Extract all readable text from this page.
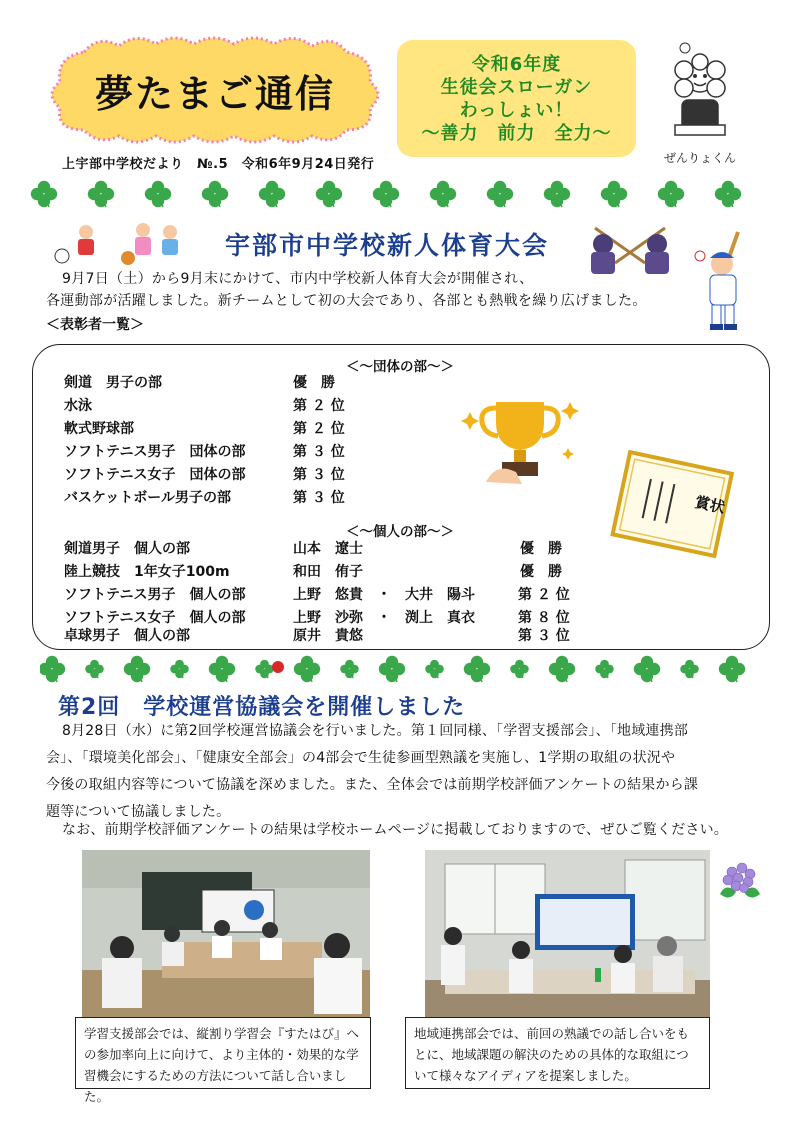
夢たまご通信
令和6年度
生徒会スローガン
わっしょい！
〜善力　前力　全力〜
ぜんりょくん
上宇部中学校だより　№.5　令和6年9月24日発行
宇部市中学校新人体育大会
9月7日（土）から9月末にかけて、市内中学校新人体育大会が開催され、
各運動部が活躍しました。新チームとして初の大会であり、各部とも熱戦を繰り広げました。
＜表彰者一覧＞
＜〜団体の部〜＞
剣道　男子の部	優　勝
水泳	第 ２ 位
軟式野球部	第 ２ 位
ソフトテニス男子　団体の部	第 ３ 位
ソフトテニス女子　団体の部	第 ３ 位
バスケットボール男子の部	第 ３ 位
＜〜個人の部〜＞
剣道男子　個人の部	山本　遼士	優　勝
陸上競技　1年女子100m	和田　侑子	優　勝
ソフトテニス男子　個人の部	上野　悠貴　・　大井　陽斗	第 ２ 位
ソフトテニス女子　個人の部	上野　沙弥　・　渕上　真衣	第 ８ 位
卓球男子　個人の部	原井　貴悠	第 ３ 位
賞状
第2回　学校運営協議会を開催しました
8月28日（水）に第2回学校運営協議会を行いました。第１回同様、「学習支援部会」、「地域連携部
会」、「環境美化部会」、「健康安全部会」の4部会で生徒参画型熟議を実施し、1学期の取組の状況や
今後の取組内容等について協議を深めました。また、全体会では前期学校評価アンケートの結果から課
題等について協議しました。
なお、前期学校評価アンケートの結果は学校ホームページに掲載しておりますので、ぜひご覧ください。
学習支援部会では、縦割り学習会『すたはび』への参加率向上に向けて、より主体的・効果的な学習機会にするための方法について話し合いました。
地域連携部会では、前回の熟議での話し合いをもとに、地域課題の解決のための具体的な取組について様々なアイディアを提案しました。
